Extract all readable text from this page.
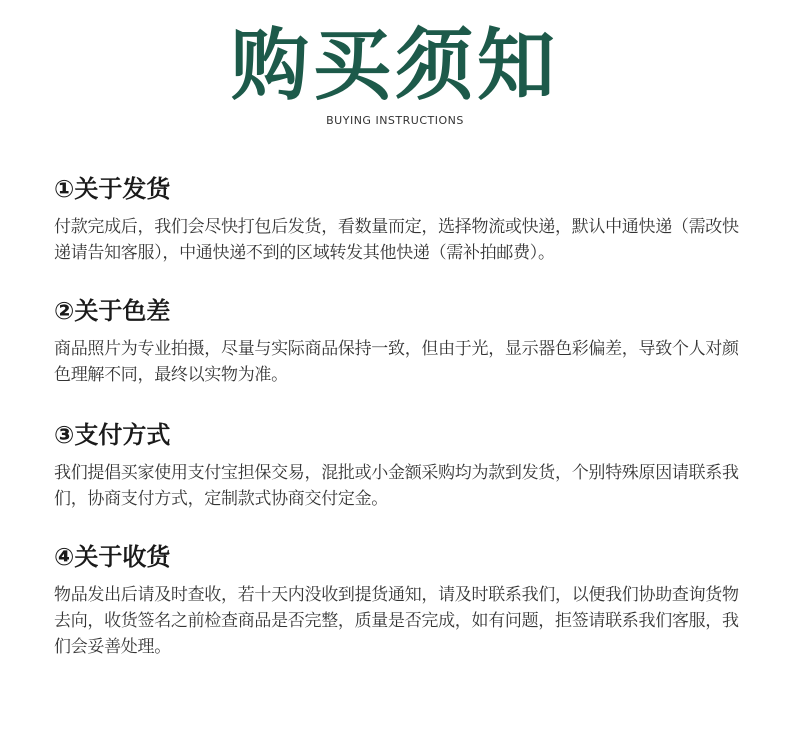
购买须知
BUYING INSTRUCTIONS
①关于发货

付款完成后，我们会尽快打包后发货，看数量而定，选择物流或快递，默认中通快递（需改快递请告知客服），中通快递不到的区域转发其他快递（需补拍邮费）。

②关于色差

商品照片为专业拍摄，尽量与实际商品保持一致，但由于光，显示器色彩偏差，导致个人对颜色理解不同，最终以实物为准。

③支付方式

我们提倡买家使用支付宝担保交易，混批或小金额采购均为款到发货，个别特殊原因请联系我们，协商支付方式，定制款式协商交付定金。

④关于收货

物品发出后请及时查收，若十天内没收到提货通知，请及时联系我们，以便我们协助查询货物去向，收货签名之前检查商品是否完整，质量是否完成，如有问题，拒签请联系我们客服，我们会妥善处理。
